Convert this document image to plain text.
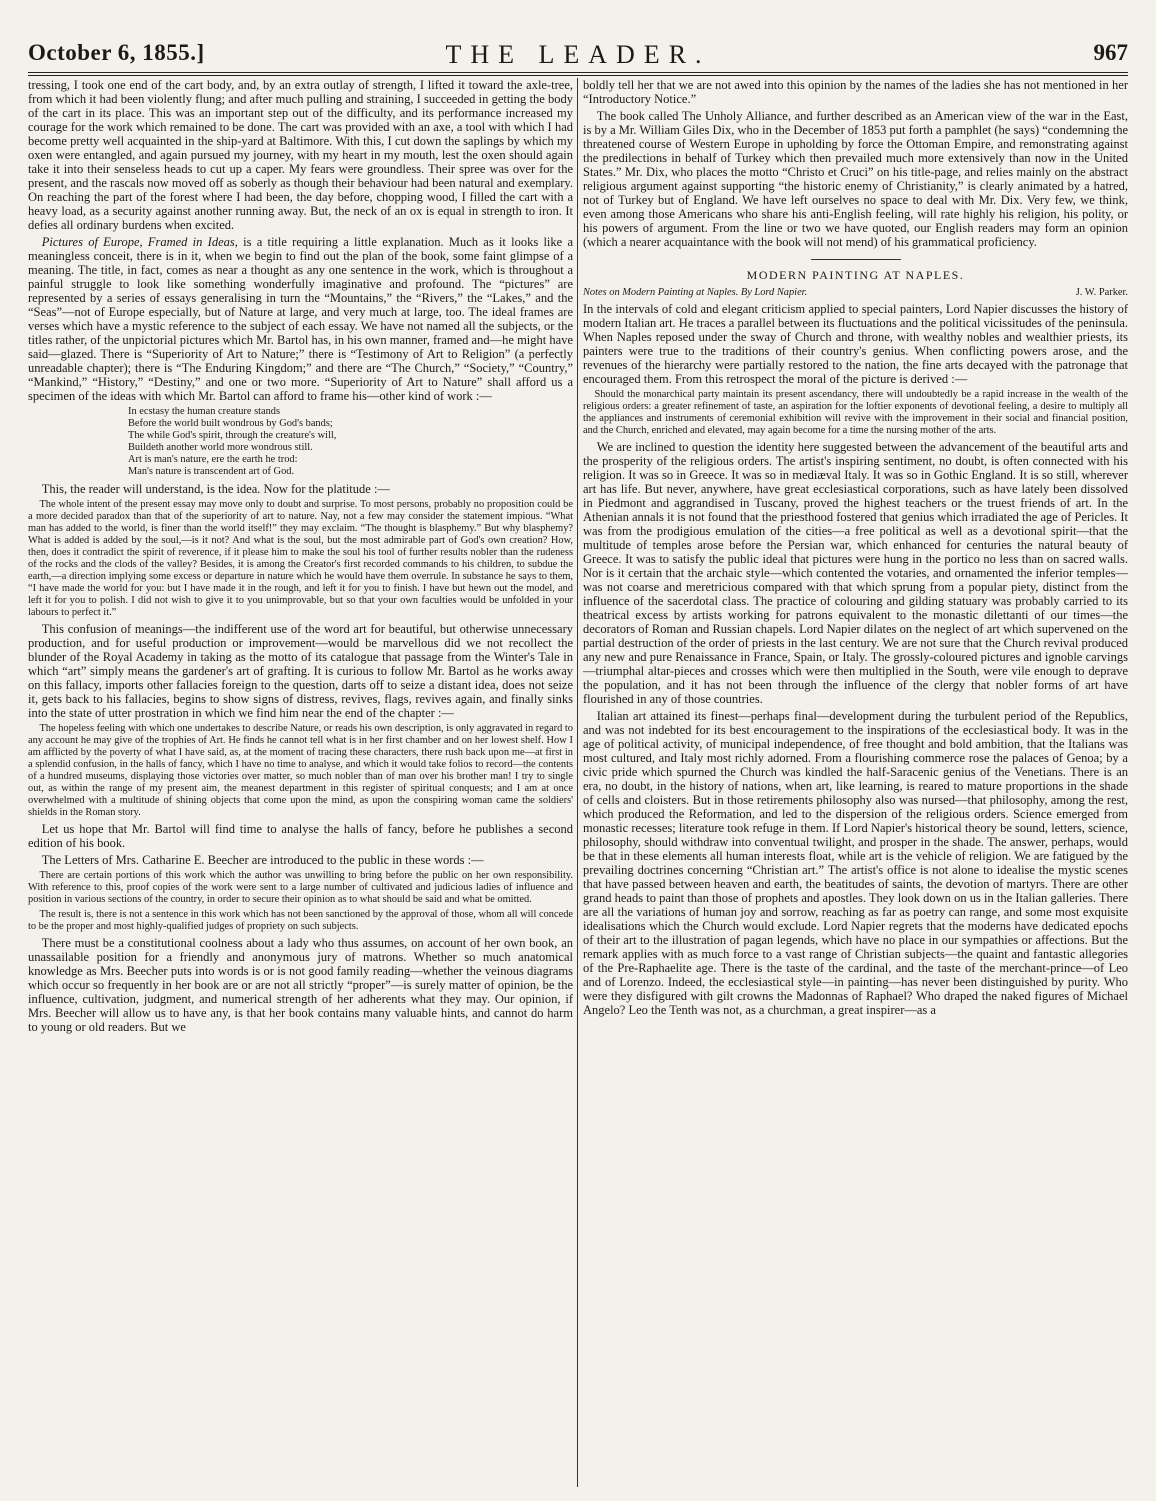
THE LEADER.
October 6, 1855.]	967

tressing, I took one end of the cart body, and, by an extra outlay of strength, I lifted it toward the axle-tree, from which it had been violently flung; and after much pulling and straining, I succeeded in getting the body of the cart in its place. This was an important step out of the difficulty, and its performance increased my courage for the work which remained to be done. The cart was provided with an axe, a tool with which I had become pretty well acquainted in the ship-yard at Baltimore. With this, I cut down the saplings by which my oxen were entangled, and again pursued my journey, with my heart in my mouth, lest the oxen should again take it into their senseless heads to cut up a caper. My fears were groundless. Their spree was over for the present, and the rascals now moved off as soberly as though their behaviour had been natural and exemplary. On reaching the part of the forest where I had been, the day before, chopping wood, I filled the cart with a heavy load, as a security against another running away. But, the neck of an ox is equal in strength to iron. It defies all ordinary burdens when excited.

Pictures of Europe, Framed in Ideas, is a title requiring a little explanation. Much as it looks like a meaningless conceit, there is in it, when we begin to find out the plan of the book, some faint glimpse of a meaning. The title, in fact, comes as near a thought as any one sentence in the work, which is throughout a painful struggle to look like something wonderfully imaginative and profound. The “pictures” are represented by a series of essays generalising in turn the “Mountains,” the “Rivers,” the “Lakes,” and the “Seas”—not of Europe especially, but of Nature at large, and very much at large, too. The ideal frames are verses which have a mystic reference to the subject of each essay. We have not named all the subjects, or the titles rather, of the unpictorial pictures which Mr. Bartol has, in his own manner, framed and—he might have said—glazed. There is “Superiority of Art to Nature;” there is “Testimony of Art to Religion” (a perfectly unreadable chapter); there is “The Enduring Kingdom;” and there are “The Church,” “Society,” “Country,” “Mankind,” “History,” “Destiny,” and one or two more. “Superiority of Art to Nature” shall afford us a specimen of the ideas with which Mr. Bartol can afford to frame his—other kind of work :—

In ecstasy the human creature stands
Before the world built wondrous by God's bands;
The while God's spirit, through the creature's will,
Buildeth another world more wondrous still.
Art is man's nature, ere the earth he trod:
Man's nature is transcendent art of God.

This, the reader will understand, is the idea. Now for the platitude :—

The whole intent of the present essay may move only to doubt and surprise. To most persons, probably no proposition could be a more decided paradox than that of the superiority of art to nature. Nay, not a few may consider the statement impious. “What man has added to the world, is finer than the world itself!” they may exclaim. “The thought is blasphemy.” But why blasphemy? What is added is added by the soul,—is it not? And what is the soul, but the most admirable part of God's own creation? How, then, does it contradict the spirit of reverence, if it please him to make the soul his tool of further results nobler than the rudeness of the rocks and the clods of the valley? Besides, it is among the Creator's first recorded commands to his children, to subdue the earth,—a direction implying some excess or departure in nature which he would have them overrule. In substance he says to them, “I have made the world for you: but I have made it in the rough, and left it for you to finish. I have but hewn out the model, and left it for you to polish. I did not wish to give it to you unimprovable, but so that your own faculties would be unfolded in your labours to perfect it.”

This confusion of meanings—the indifferent use of the word art for beautiful, but otherwise unnecessary production, and for useful production or improvement—would be marvellous did we not recollect the blunder of the Royal Academy in taking as the motto of its catalogue that passage from the Winter's Tale in which “art” simply means the gardener's art of grafting. It is curious to follow Mr. Bartol as he works away on this fallacy, imports other fallacies foreign to the question, darts off to seize a distant idea, does not seize it, gets back to his fallacies, begins to show signs of distress, revives, flags, revives again, and finally sinks into the state of utter prostration in which we find him near the end of the chapter :—

The hopeless feeling with which one undertakes to describe Nature, or reads his own description, is only aggravated in regard to any account he may give of the trophies of Art. He finds he cannot tell what is in her first chamber and on her lowest shelf. How I am afflicted by the poverty of what I have said, as, at the moment of tracing these characters, there rush back upon me—at first in a splendid confusion, in the halls of fancy, which I have no time to analyse, and which it would take folios to record—the contents of a hundred museums, displaying those victories over matter, so much nobler than of man over his brother man! I try to single out, as within the range of my present aim, the meanest department in this register of spiritual conquests; and I am at once overwhelmed with a multitude of shining objects that come upon the mind, as upon the conspiring woman came the soldiers' shields in the Roman story.

Let us hope that Mr. Bartol will find time to analyse the halls of fancy, before he publishes a second edition of his book.

The Letters of Mrs. Catharine E. Beecher are introduced to the public in these words :—

There are certain portions of this work which the author was unwilling to bring before the public on her own responsibility. With reference to this, proof copies of the work were sent to a large number of cultivated and judicious ladies of influence and position in various sections of the country, in order to secure their opinion as to what should be said and what be omitted.

The result is, there is not a sentence in this work which has not been sanctioned by the approval of those, whom all will concede to be the proper and most highly-qualified judges of propriety on such subjects.

There must be a constitutional coolness about a lady who thus assumes, on account of her own book, an unassailable position for a friendly and anonymous jury of matrons. Whether so much anatomical knowledge as Mrs. Beecher puts into words is or is not good family reading—whether the veinous diagrams which occur so frequently in her book are or are not all strictly “proper”—is surely matter of opinion, be the influence, cultivation, judgment, and numerical strength of her adherents what they may. Our opinion, if Mrs. Beecher will allow us to have any, is that her book contains many valuable hints, and cannot do harm to young or old readers. But we

boldly tell her that we are not awed into this opinion by the names of the ladies she has not mentioned in her “Introductory Notice.”

The book called The Unholy Alliance, and further described as an American view of the war in the East, is by a Mr. William Giles Dix, who in the December of 1853 put forth a pamphlet (he says) “condemning the threatened course of Western Europe in upholding by force the Ottoman Empire, and remonstrating against the predilections in behalf of Turkey which then prevailed much more extensively than now in the United States.” Mr. Dix, who places the motto “Christo et Cruci” on his title-page, and relies mainly on the abstract religious argument against supporting “the historic enemy of Christianity,” is clearly animated by a hatred, not of Turkey but of England. We have left ourselves no space to deal with Mr. Dix. Very few, we think, even among those Americans who share his anti-English feeling, will rate highly his religion, his polity, or his powers of argument. From the line or two we have quoted, our English readers may form an opinion (which a nearer acquaintance with the book will not mend) of his grammatical proficiency.

MODERN PAINTING AT NAPLES.
Notes on Modern Painting at Naples. By Lord Napier.	J. W. Parker.

In the intervals of cold and elegant criticism applied to special painters, Lord Napier discusses the history of modern Italian art. He traces a parallel between its fluctuations and the political vicissitudes of the peninsula. When Naples reposed under the sway of Church and throne, with wealthy nobles and wealthier priests, its painters were true to the traditions of their country's genius. When conflicting powers arose, and the revenues of the hierarchy were partially restored to the nation, the fine arts decayed with the patronage that encouraged them. From this retrospect the moral of the picture is derived :—

Should the monarchical party maintain its present ascendancy, there will undoubtedly be a rapid increase in the wealth of the religious orders: a greater refinement of taste, an aspiration for the loftier exponents of devotional feeling, a desire to multiply all the appliances and instruments of ceremonial exhibition will revive with the improvement in their social and financial position, and the Church, enriched and elevated, may again become for a time the nursing mother of the arts.

We are inclined to question the identity here suggested between the advancement of the beautiful arts and the prosperity of the religious orders. The artist's inspiring sentiment, no doubt, is often connected with his religion. It was so in Greece. It was so in mediæval Italy. It was so in Gothic England. It is so still, wherever art has life. But never, anywhere, have great ecclesiastical corporations, such as have lately been dissolved in Piedmont and aggrandised in Tuscany, proved the highest teachers or the truest friends of art. In the Athenian annals it is not found that the priesthood fostered that genius which irradiated the age of Pericles. It was from the prodigious emulation of the cities—a free political as well as a devotional spirit—that the multitude of temples arose before the Persian war, which enhanced for centuries the natural beauty of Greece. It was to satisfy the public ideal that pictures were hung in the portico no less than on sacred walls. Nor is it certain that the archaic style—which contented the votaries, and ornamented the inferior temples—was not coarse and meretricious compared with that which sprung from a popular piety, distinct from the influence of the sacerdotal class. The practice of colouring and gilding statuary was probably carried to its theatrical excess by artists working for patrons equivalent to the monastic dilettanti of our times—the decorators of Roman and Russian chapels. Lord Napier dilates on the neglect of art which supervened on the partial destruction of the order of priests in the last century. We are not sure that the Church revival produced any new and pure Renaissance in France, Spain, or Italy. The grossly-coloured pictures and ignoble carvings—triumphal altar-pieces and crosses which were then multiplied in the South, were vile enough to deprave the population, and it has not been through the influence of the clergy that nobler forms of art have flourished in any of those countries.

Italian art attained its finest—perhaps final—development during the turbulent period of the Republics, and was not indebted for its best encouragement to the inspirations of the ecclesiastical body. It was in the age of political activity, of municipal independence, of free thought and bold ambition, that the Italians was most cultured, and Italy most richly adorned. From a flourishing commerce rose the palaces of Genoa; by a civic pride which spurned the Church was kindled the half-Saracenic genius of the Venetians. There is an era, no doubt, in the history of nations, when art, like learning, is reared to mature proportions in the shade of cells and cloisters. But in those retirements philosophy also was nursed—that philosophy, among the rest, which produced the Reformation, and led to the dispersion of the religious orders. Science emerged from monastic recesses; literature took refuge in them. If Lord Napier's historical theory be sound, letters, science, philosophy, should withdraw into conventual twilight, and prosper in the shade. The answer, perhaps, would be that in these elements all human interests float, while art is the vehicle of religion. We are fatigued by the prevailing doctrines concerning “Christian art.” The artist's office is not alone to idealise the mystic scenes that have passed between heaven and earth, the beatitudes of saints, the devotion of martyrs. There are other grand heads to paint than those of prophets and apostles. They look down on us in the Italian galleries. There are all the variations of human joy and sorrow, reaching as far as poetry can range, and some most exquisite idealisations which the Church would exclude. Lord Napier regrets that the moderns have dedicated epochs of their art to the illustration of pagan legends, which have no place in our sympathies or affections. But the remark applies with as much force to a vast range of Christian subjects—the quaint and fantastic allegories of the Pre-Raphaelite age. There is the taste of the cardinal, and the taste of the merchant-prince—of Leo and of Lorenzo. Indeed, the ecclesiastical style—in painting—has never been distinguished by purity. Who were they disfigured with gilt crowns the Madonnas of Raphael? Who draped the naked figures of Michael Angelo? Leo the Tenth was not, as a churchman, a great inspirer—as a
